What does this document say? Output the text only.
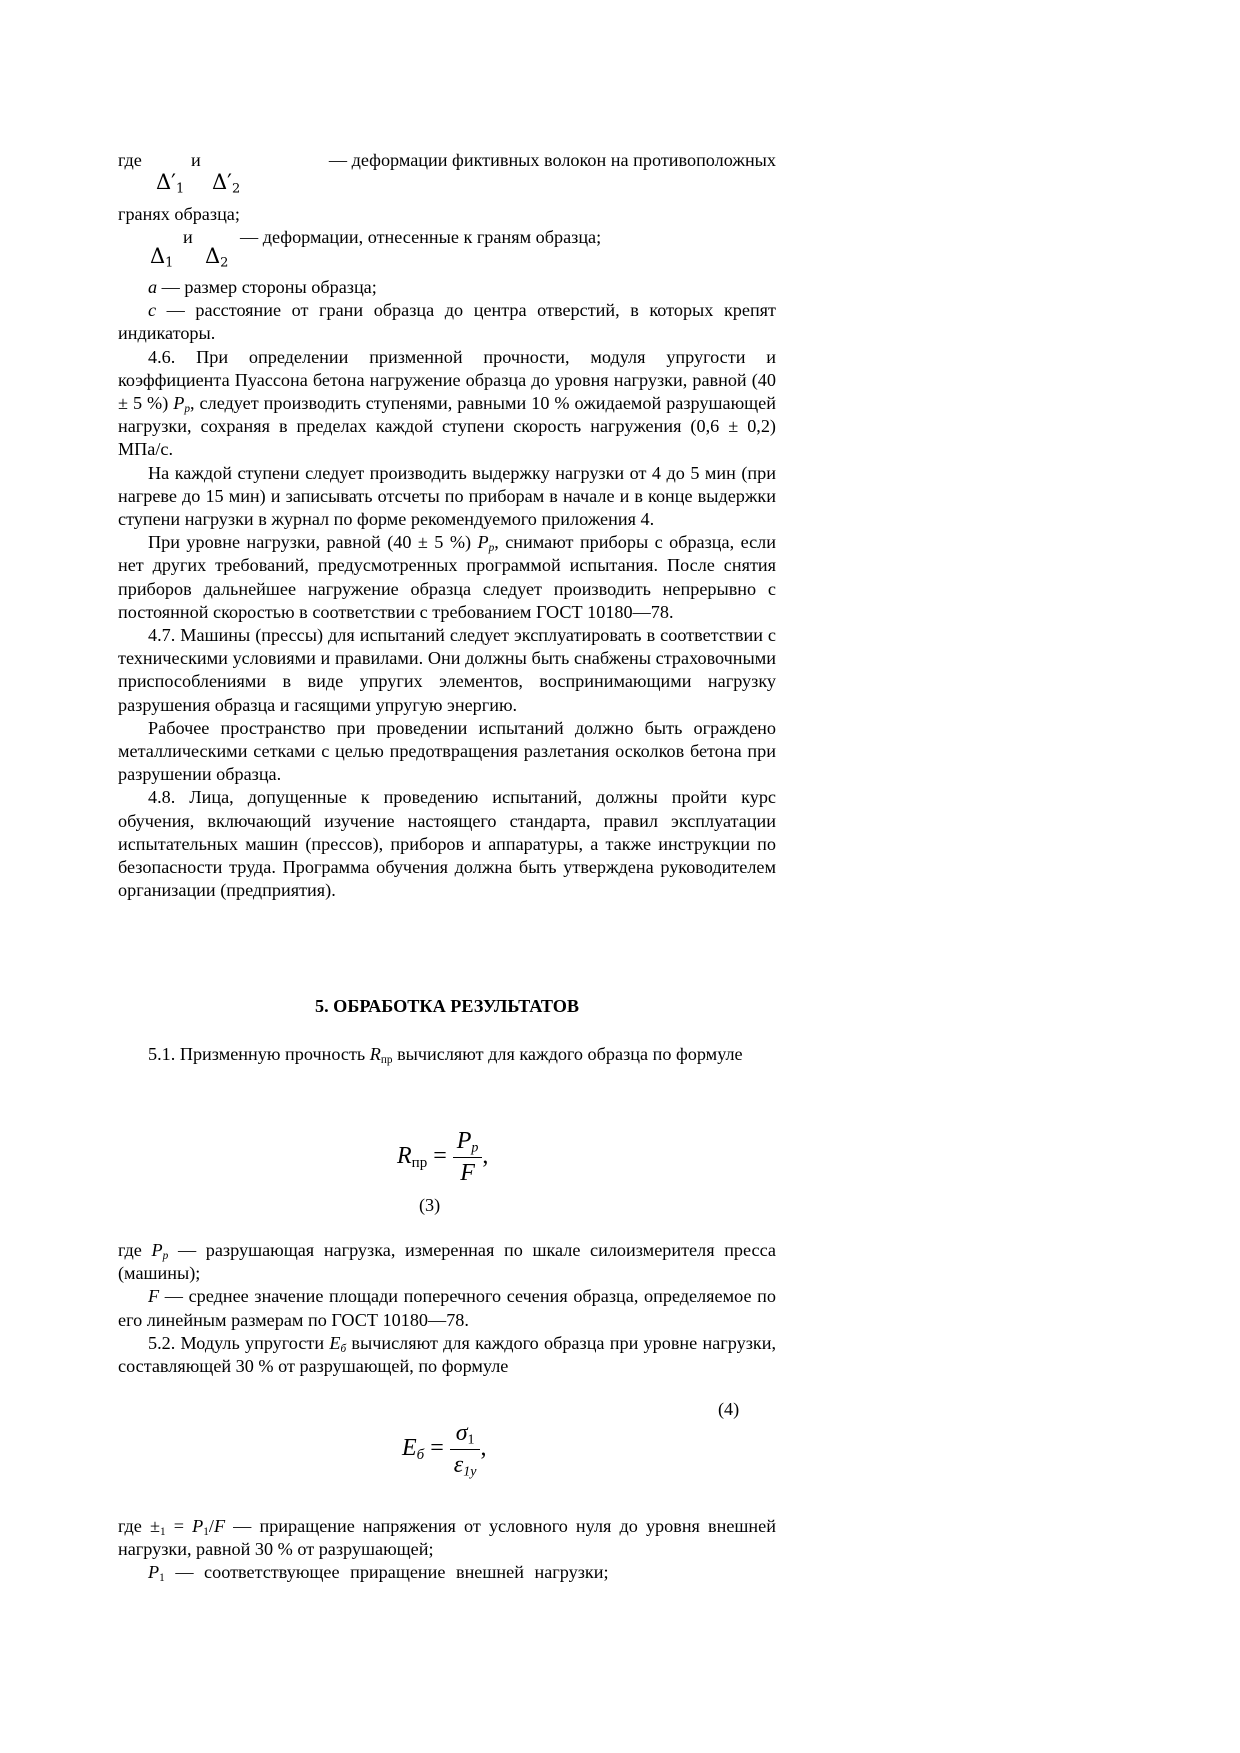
где	и	— деформации фиктивных волокон на противоположных
$\Delta'_1$ $\Delta'_2$
гранях образца;
и	— деформации, отнесенные к граням образца;
$\Delta_1$ $\Delta_2$

a — размер стороны образца;

c — расстояние от грани образца до центра отверстий, в которых крепят индикаторы.

4.6. При определении призменной прочности, модуля упругости и коэффициента Пуассона бетона нагружение образца до уровня нагрузки, равной (40 ± 5 %) $P_p$, следует производить ступенями, равными 10 % ожидаемой разрушающей нагрузки, сохраняя в пределах каждой ступени скорость нагружения (0,6 ± 0,2) МПа/с.

На каждой ступени следует производить выдержку нагрузки от 4 до 5 мин (при нагреве до 15 мин) и записывать отсчеты по приборам в начале и в конце выдержки ступени нагрузки в журнал по форме рекомендуемого приложения 4.

При уровне нагрузки, равной (40 ± 5 %) $P_p$, снимают приборы с образца, если нет других требований, предусмотренных программой испытания. После снятия приборов дальнейшее нагружение образца следует производить непрерывно с постоянной скоростью в соответствии с требованием ГОСТ 10180—78.

4.7. Машины (прессы) для испытаний следует эксплуатировать в соответствии с техническими условиями и правилами. Они должны быть снабжены страховочными приспособлениями в виде упругих элементов, воспринимающими нагрузку разрушения образца и гасящими упругую энергию.

Рабочее пространство при проведении испытаний должно быть ограждено металлическими сетками с целью предотвращения разлетания осколков бетона при разрушении образца.

4.8. Лица, допущенные к проведению испытаний, должны пройти курс обучения, включающий изучение настоящего стандарта, правил эксплуатации испытательных машин (прессов), приборов и аппаратуры, а также инструкции по безопасности труда. Программа обучения должна быть утверждена руководителем организации (предприятия).

5. ОБРАБОТКА РЕЗУЛЬТАТОВ

5.1. Призменную прочность $R_{пр}$ вычисляют для каждого образца по формуле

$R_{пр} = \frac{P_p}{F}$ ,
(3)

где $P_р$ — разрушающая нагрузка, измеренная по шкале силоизмерителя пресса (машины);

F — среднее значение площади поперечного сечения образца, определяемое по его линейным размерам по ГОСТ 10180—78.

5.2. Модуль упругости $E_б$ вычисляют для каждого образца при уровне нагрузки, составляющей 30 % от разрушающей, по формуле

(4)
$E_б = \frac{\sigma_1}{\varepsilon_{1y}}$ ,

где $\pm_1 = P_1/F$ — приращение напряжения от условного нуля до уровня внешней нагрузки, равной 30 % от разрушающей;

$P_1$ — соответствующее приращение внешней нагрузки;
